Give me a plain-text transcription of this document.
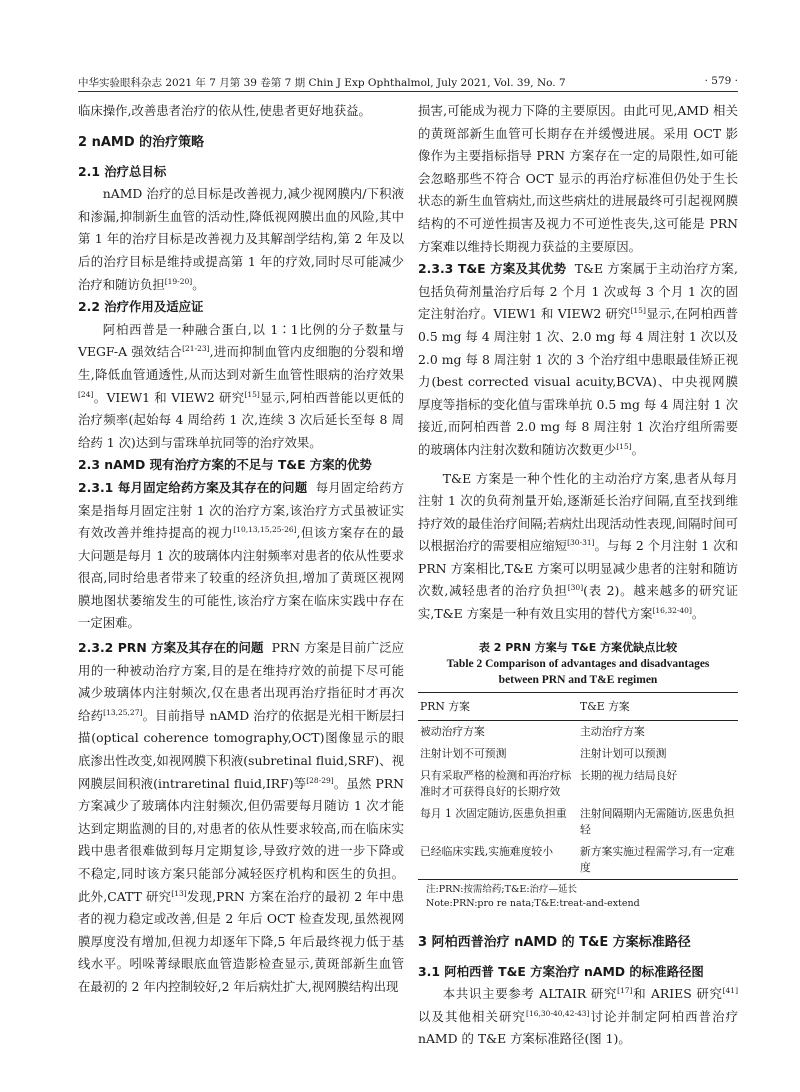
中华实验眼科杂志 2021 年 7 月第 39 卷第 7 期 Chin J Exp Ophthalmol, July 2021, Vol. 39, No. 7	· 579 ·

临床操作,改善患者治疗的依从性,使患者更好地获益。

2 nAMD 的治疗策略
2.1 治疗总目标

nAMD 治疗的总目标是改善视力,减少视网膜内/下积液和渗漏,抑制新生血管的活动性,降低视网膜出血的风险,其中第 1 年的治疗目标是改善视力及其解剖学结构,第 2 年及以后的治疗目标是维持或提高第 1 年的疗效,同时尽可能减少治疗和随访负担[19-20]。

2.2 治疗作用及适应证

阿柏西普是一种融合蛋白,以 1∶1比例的分子数量与 VEGF-A 强效结合[21-23],进而抑制血管内皮细胞的分裂和增生,降低血管通透性,从而达到对新生血管性眼病的治疗效果[24]。VIEW1 和 VIEW2 研究[15]显示,阿柏西普能以更低的治疗频率(起始每 4 周给药 1 次,连续 3 次后延长至每 8 周给药 1 次)达到与雷珠单抗同等的治疗效果。

2.3 nAMD 现有治疗方案的不足与 T&E 方案的优势

2.3.1 每月固定给药方案及其存在的问题 每月固定给药方案是指每月固定注射 1 次的治疗方案,该治疗方式虽被证实有效改善并维持提高的视力[10,13,15,25-26],但该方案存在的最大问题是每月 1 次的玻璃体内注射频率对患者的依从性要求很高,同时给患者带来了较重的经济负担,增加了黄斑区视网膜地图状萎缩发生的可能性,该治疗方案在临床实践中存在一定困难。

2.3.2 PRN 方案及其存在的问题 PRN 方案是目前广泛应用的一种被动治疗方案,目的是在维持疗效的前提下尽可能减少玻璃体内注射频次,仅在患者出现再治疗指征时才再次给药[13,25,27]。目前指导 nAMD 治疗的依据是光相干断层扫描(optical coherence tomography,OCT)图像显示的眼底渗出性改变,如视网膜下积液(subretinal fluid,SRF)、视网膜层间积液(intraretinal fluid,IRF)等[28-29]。虽然 PRN 方案减少了玻璃体内注射频次,但仍需要每月随访 1 次才能达到定期监测的目的,对患者的依从性要求较高,而在临床实践中患者很难做到每月定期复诊,导致疗效的进一步下降或不稳定,同时该方案只能部分减轻医疗机构和医生的负担。此外,CATT 研究[13]发现,PRN 方案在治疗的最初 2 年中患者的视力稳定或改善,但是 2 年后 OCT 检查发现,虽然视网膜厚度没有增加,但视力却逐年下降,5 年后最终视力低于基线水平。吲哚菁绿眼底血管造影检查显示,黄斑部新生血管在最初的 2 年内控制较好,2 年后病灶扩大,视网膜结构出现

损害,可能成为视力下降的主要原因。由此可见,AMD 相关的黄斑部新生血管可长期存在并缓慢进展。采用 OCT 影像作为主要指标指导 PRN 方案存在一定的局限性,如可能会忽略那些不符合 OCT 显示的再治疗标准但仍处于生长状态的新生血管病灶,而这些病灶的进展最终可引起视网膜结构的不可逆性损害及视力不可逆性丧失,这可能是 PRN 方案难以维持长期视力获益的主要原因。

2.3.3 T&E 方案及其优势 T&E 方案属于主动治疗方案,包括负荷剂量治疗后每 2 个月 1 次或每 3 个月 1 次的固定注射治疗。VIEW1 和 VIEW2 研究[15]显示,在阿柏西普 0.5 mg 每 4 周注射 1 次、2.0 mg 每 4 周注射 1 次以及 2.0 mg 每 8 周注射 1 次的 3 个治疗组中患眼最佳矫正视力(best corrected visual acuity,BCVA)、中央视网膜厚度等指标的变化值与雷珠单抗 0.5 mg 每 4 周注射 1 次接近,而阿柏西普 2.0 mg 每 8 周注射 1 次治疗组所需要的玻璃体内注射次数和随访次数更少[15]。

T&E 方案是一种个性化的主动治疗方案,患者从每月注射 1 次的负荷剂量开始,逐渐延长治疗间隔,直至找到维持疗效的最佳治疗间隔;若病灶出现活动性表现,间隔时间可以根据治疗的需要相应缩短[30-31]。与每 2 个月注射 1 次和 PRN 方案相比,T&E 方案可以明显减少患者的注射和随访次数,减轻患者的治疗负担[30](表 2)。越来越多的研究证实,T&E 方案是一种有效且实用的替代方案[16,32-40]。

表 2 PRN 方案与 T&E 方案优缺点比较
Table 2 Comparison of advantages and disadvantages
between PRN and T&E regimen
PRN 方案	T&E 方案
被动治疗方案	主动治疗方案
注射计划不可预测	注射计划可以预测
只有采取严格的检测和再治疗标准时才可获得良好的长期疗效	长期的视力结局良好
每月 1 次固定随访,医患负担重	注射间隔期内无需随访,医患负担轻
已经临床实践,实施难度较小	新方案实施过程需学习,有一定难度
注:PRN:按需给药;T&E:治疗—延长
Note:PRN:pro re nata;T&E:treat-and-extend
3 阿柏西普治疗 nAMD 的 T&E 方案标准路径
3.1 阿柏西普 T&E 方案治疗 nAMD 的标准路径图

本共识主要参考 ALTAIR 研究[17]和 ARIES 研究[41]以及其他相关研究[16,30-40,42-43]讨论并制定阿柏西普治疗 nAMD 的 T&E 方案标准路径(图 1)。
